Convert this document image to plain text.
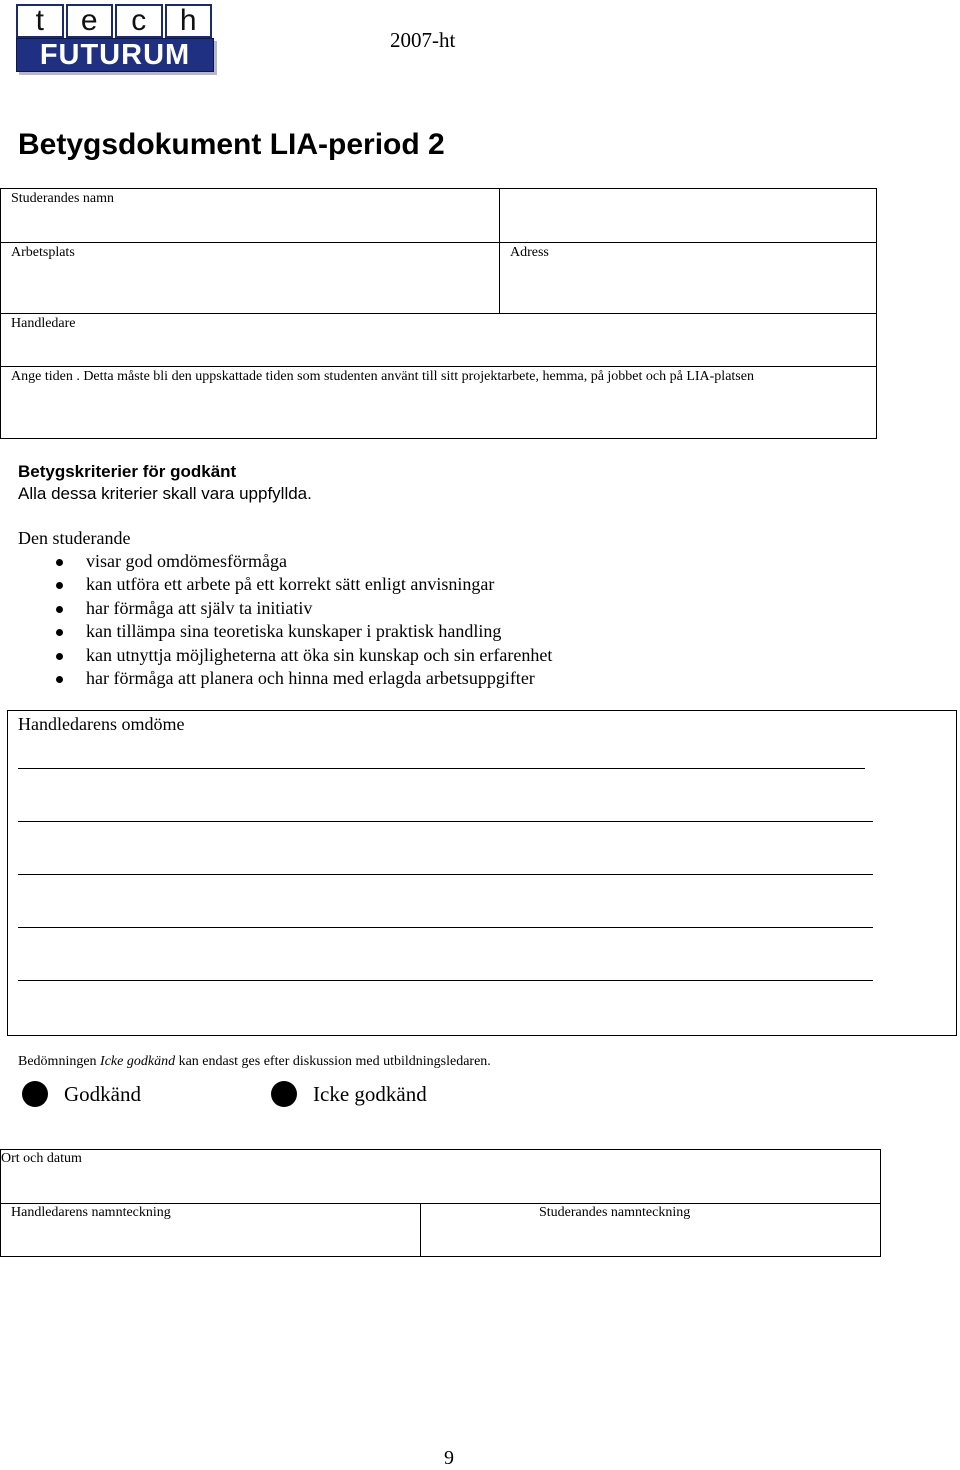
t	e	c	h
FUTURUM	2007-ht
Betygsdokument LIA-period 2
Studerandes namn
Arbetsplats	Adress
Handledare
Ange tiden . Detta måste bli den uppskattade tiden som studenten använt till sitt projektarbete, hemma, på jobbet och på LIA-platsen
Betygskriterier för godkänt
Alla dessa kriterier skall vara uppfyllda.
Den studerande
visar god omdömesförmåga
kan utföra ett arbete på ett korrekt sätt enligt anvisningar
har förmåga att själv ta initiativ
kan tillämpa sina teoretiska kunskaper i praktisk handling
kan utnyttja möjligheterna att öka sin kunskap och sin erfarenhet
har förmåga att planera och hinna med erlagda arbetsuppgifter
Handledarens omdöme
Bedömningen Icke godkänd kan endast ges efter diskussion med utbildningsledaren.
Godkänd	Icke godkänd
Ort och datum
Handledarens namnteckning	Studerandes namnteckning
9
